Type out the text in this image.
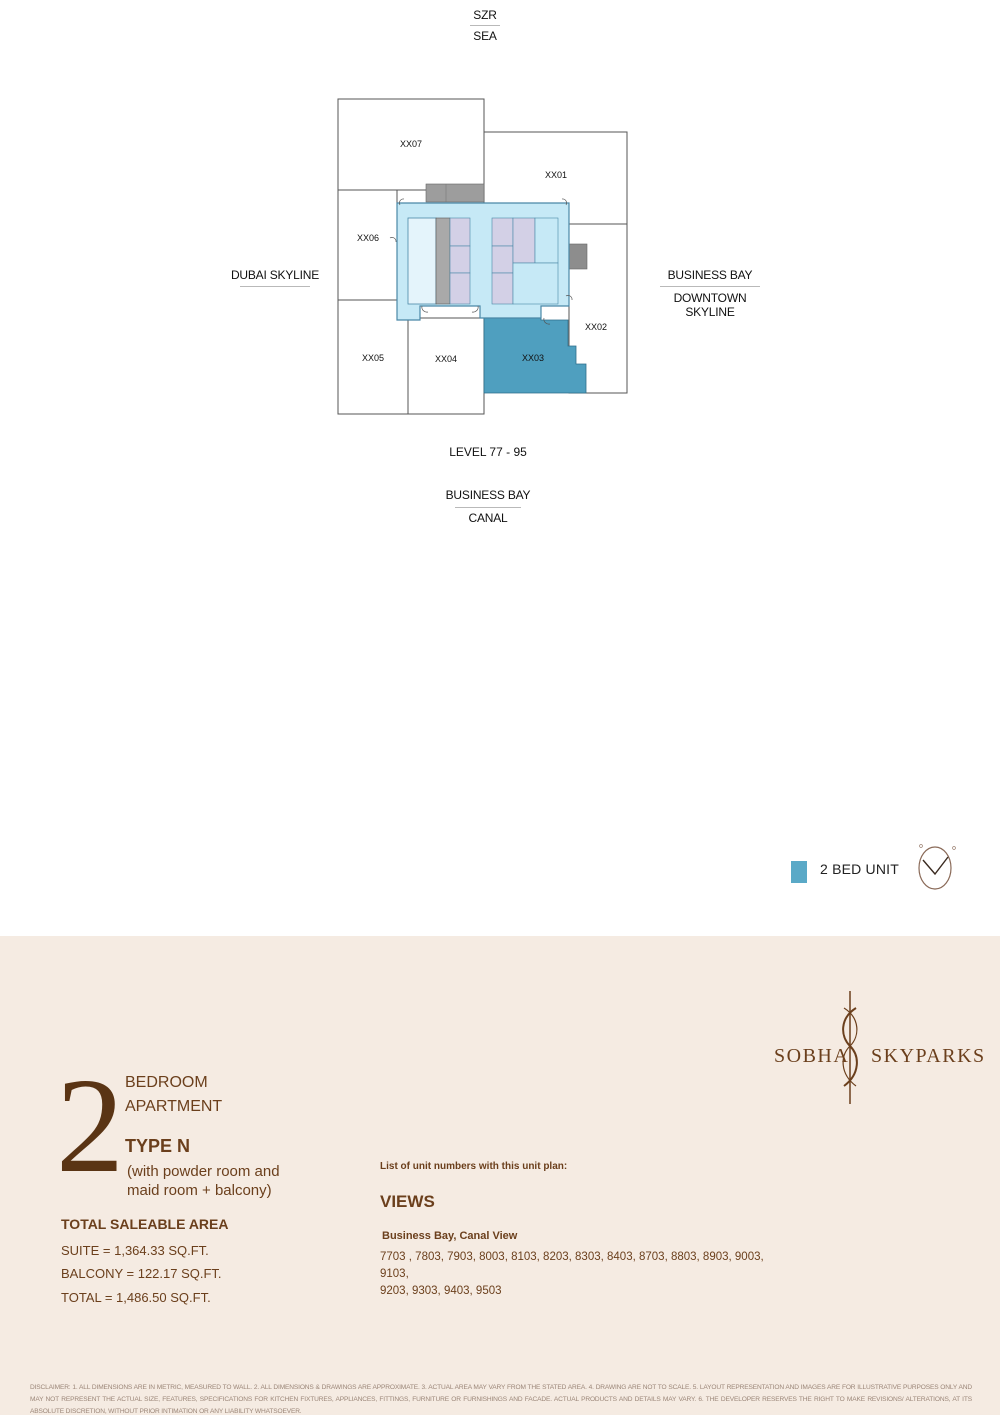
SZR
SEA
DUBAI SKYLINE	BUSINESS BAY
DOWNTOWN SKYLINE
BUSINESS BAY
CANAL
XX07
XX01
XX06
XX02
XX05	XX04	XX03
LEVEL 77 - 95
2 BED UNIT
2 BEDROOM
APARTMENT
TYPE N
(with powder room and
maid room + balcony)
TOTAL SALEABLE AREA
SUITE = 1,364.33 SQ.FT.
BALCONY = 122.17 SQ.FT.
TOTAL = 1,486.50 SQ.FT.
List of unit numbers with this unit plan:
VIEWS
Business Bay, Canal View
7703 , 7803, 7903, 8003, 8103, 8203, 8303, 8403, 8703, 8803, 8903, 9003, 9103,
9203, 9303, 9403, 9503
SOBHA SKYPARKS
DISCLAIMER: 1. ALL DIMENSIONS ARE IN METRIC, MEASURED TO WALL. 2. ALL DIMENSIONS & DRAWINGS ARE APPROXIMATE. 3. ACTUAL AREA MAY VARY FROM THE STATED AREA. 4. DRAWING ARE NOT TO SCALE. 5. LAYOUT REPRESENTATION AND IMAGES ARE FOR ILLUSTRATIVE PURPOSES ONLY AND MAY NOT REPRESENT THE ACTUAL SIZE, FEATURES, SPECIFICATIONS FOR KITCHEN FIXTURES, APPLIANCES, FITTINGS, FURNITURE OR FURNISHINGS AND FACADE. ACTUAL PRODUCTS AND DETAILS MAY VARY. 6. THE DEVELOPER RESERVES THE RIGHT TO MAKE REVISIONS/ ALTERATIONS, AT ITS ABSOLUTE DISCRETION, WITHOUT PRIOR INTIMATION OR ANY LIABILITY WHATSOEVER.
